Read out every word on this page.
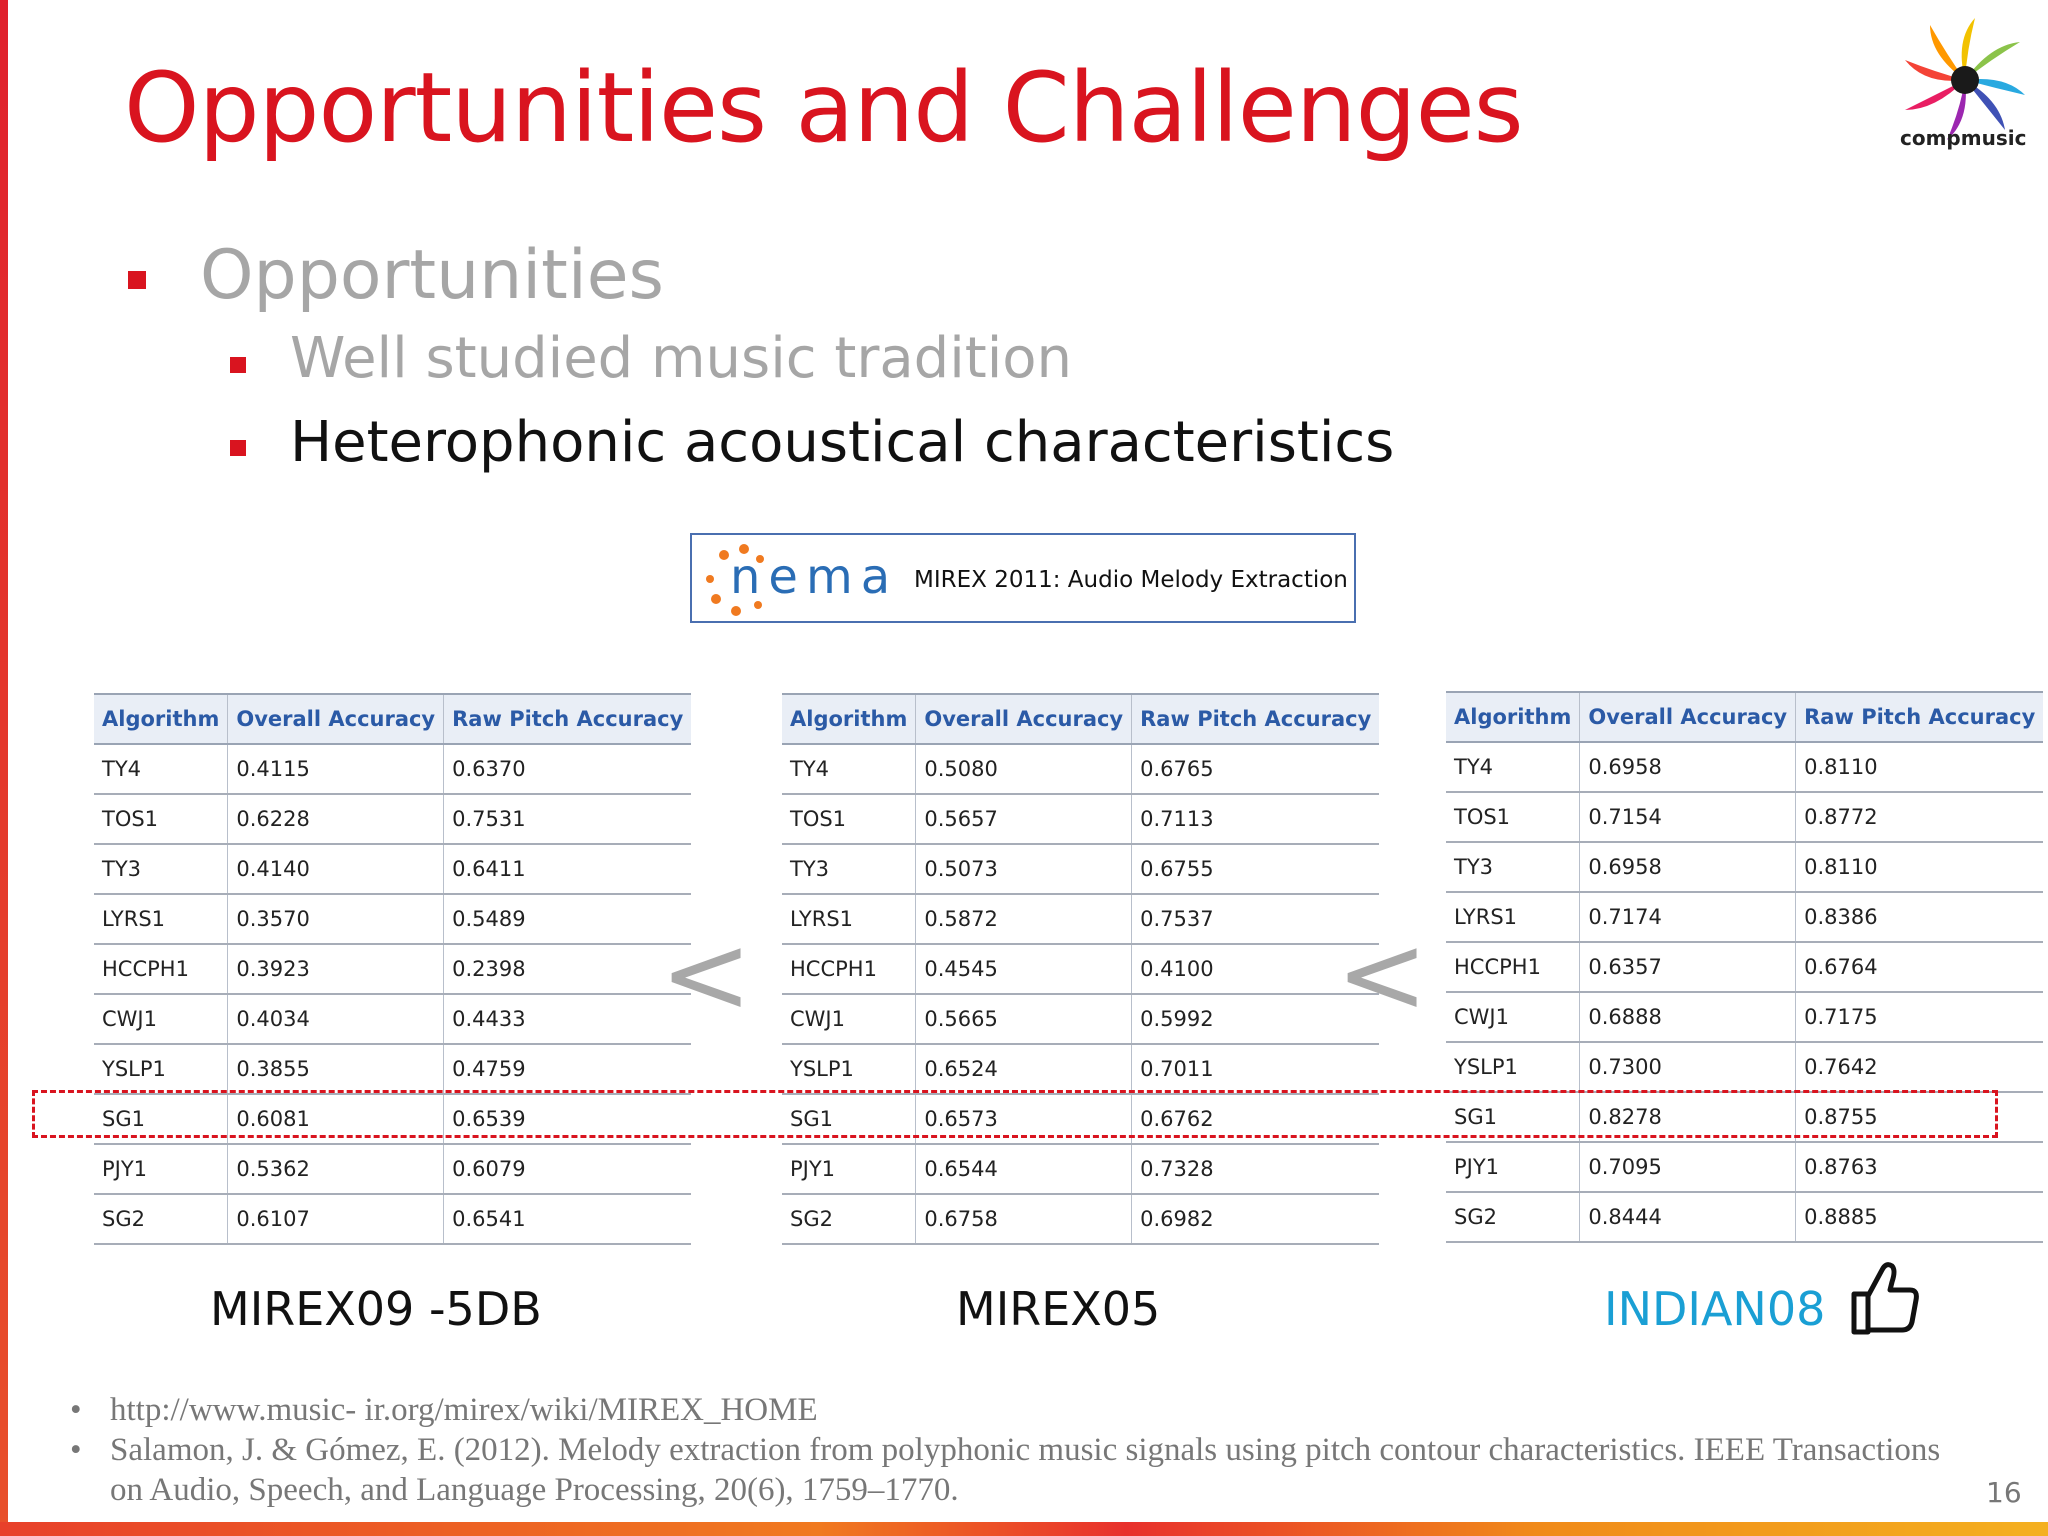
Opportunities and Challenges	compmusic
Opportunities
Well studied music tradition
Heterophonic acoustical characteristics
nema MIREX 2011: Audio Melody Extraction
Algorithm	Overall Accuracy	Raw Pitch Accuracy
TY4	0.4115	0.6370
TOS1	0.6228	0.7531
TY3	0.4140	0.6411
LYRS1	0.3570	0.5489
HCCPH1	0.3923	0.2398
CWJ1	0.4034	0.4433
YSLP1	0.3855	0.4759
SG1	0.6081	0.6539
PJY1	0.5362	0.6079
SG2	0.6107	0.6541
Algorithm	Overall Accuracy	Raw Pitch Accuracy
TY4	0.5080	0.6765
TOS1	0.5657	0.7113
TY3	0.5073	0.6755
LYRS1	0.5872	0.7537
HCCPH1	0.4545	0.4100
CWJ1	0.5665	0.5992
YSLP1	0.6524	0.7011
SG1	0.6573	0.6762
PJY1	0.6544	0.7328
SG2	0.6758	0.6982
Algorithm	Overall Accuracy	Raw Pitch Accuracy
TY4	0.6958	0.8110
TOS1	0.7154	0.8772
TY3	0.6958	0.8110
LYRS1	0.7174	0.8386
HCCPH1	0.6357	0.6764
CWJ1	0.6888	0.7175
YSLP1	0.7300	0.7642
SG1	0.8278	0.8755
PJY1	0.7095	0.8763
SG2	0.8444	0.8885
<	<
MIREX09 -5DB	MIREX05	INDIAN08
• http://www.music- ir.org/mirex/wiki/MIREX_HOME
• Salamon, J. & Gómez, E. (2012). Melody extraction from polyphonic music signals using pitch contour characteristics. IEEE Transactions on Audio, Speech, and Language Processing, 20(6), 1759–1770.	16
